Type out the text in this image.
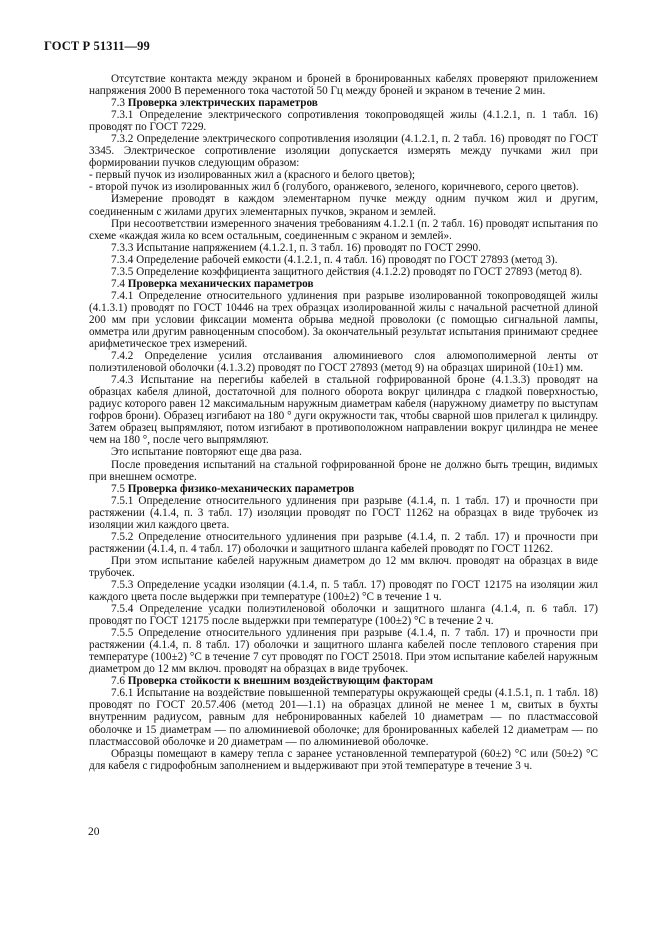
ГОСТ Р 51311—99

Отсутствие контакта между экраном и броней в бронированных кабелях проверяют приложением напряжения 2000 В переменного тока частотой 50 Гц между броней и экраном в течение 2 мин.

7.3 Проверка электрических параметров

7.3.1 Определение электрического сопротивления токопроводящей жилы (4.1.2.1, п. 1 табл. 16) проводят по ГОСТ 7229.

7.3.2 Определение электрического сопротивления изоляции (4.1.2.1, п. 2 табл. 16) проводят по ГОСТ 3345. Электрическое сопротивление изоляции допускается измерять между пучками жил при формировании пучков следующим образом:

- первый пучок из изолированных жил а (красного и белого цветов);

- второй пучок из изолированных жил б (голубого, оранжевого, зеленого, коричневого, серого цветов).

Измерение проводят в каждом элементарном пучке между одним пучком жил и другим, соединенным с жилами других элементарных пучков, экраном и землей.

При несоответствии измеренного значения требованиям 4.1.2.1 (п. 2 табл. 16) проводят испытания по схеме «каждая жила ко всем остальным, соединенным с экраном и землей».

7.3.3 Испытание напряжением (4.1.2.1, п. 3 табл. 16) проводят по ГОСТ 2990.

7.3.4 Определение рабочей емкости (4.1.2.1, п. 4 табл. 16) проводят по ГОСТ 27893 (метод 3).

7.3.5 Определение коэффициента защитного действия (4.1.2.2) проводят по ГОСТ 27893 (метод 8).

7.4 Проверка механических параметров

7.4.1 Определение относительного удлинения при разрыве изолированной токопроводящей жилы (4.1.3.1) проводят по ГОСТ 10446 на трех образцах изолированной жилы с начальной расчетной длиной 200 мм при условии фиксации момента обрыва медной проволоки (с помощью сигнальной лампы, омметра или другим равноценным способом). За окончательный результат испытания принимают среднее арифметическое трех измерений.

7.4.2 Определение усилия отслаивания алюминиевого слоя алюмополимерной ленты от полиэтиленовой оболочки (4.1.3.2) проводят по ГОСТ 27893 (метод 9) на образцах шириной (10±1) мм.

7.4.3 Испытание на перегибы кабелей в стальной гофрированной броне (4.1.3.3) проводят на образцах кабеля длиной, достаточной для полного оборота вокруг цилиндра с гладкой поверхностью, радиус которого равен 12 максимальным наружным диаметрам кабеля (наружному диаметру по выступам гофров брони). Образец изгибают на 180 ° дуги окружности так, чтобы сварной шов прилегал к цилиндру. Затем образец выпрямляют, потом изгибают в противоположном направлении вокруг цилиндра не менее чем на 180 °, после чего выпрямляют.

Это испытание повторяют еще два раза.

После проведения испытаний на стальной гофрированной броне не должно быть трещин, видимых при внешнем осмотре.

7.5 Проверка физико-механических параметров

7.5.1 Определение относительного удлинения при разрыве (4.1.4, п. 1 табл. 17) и прочности при растяжении (4.1.4, п. 3 табл. 17) изоляции проводят по ГОСТ 11262 на образцах в виде трубочек из изоляции жил каждого цвета.

7.5.2 Определение относительного удлинения при разрыве (4.1.4, п. 2 табл. 17) и прочности при растяжении (4.1.4, п. 4 табл. 17) оболочки и защитного шланга кабелей проводят по ГОСТ 11262.

При этом испытание кабелей наружным диаметром до 12 мм включ. проводят на образцах в виде трубочек.

7.5.3 Определение усадки изоляции (4.1.4, п. 5 табл. 17) проводят по ГОСТ 12175 на изоляции жил каждого цвета после выдержки при температуре (100±2) °С в течение 1 ч.

7.5.4 Определение усадки полиэтиленовой оболочки и защитного шланга (4.1.4, п. 6 табл. 17) проводят по ГОСТ 12175 после выдержки при температуре (100±2) °С в течение 2 ч.

7.5.5 Определение относительного удлинения при разрыве (4.1.4, п. 7 табл. 17) и прочности при растяжении (4.1.4, п. 8 табл. 17) оболочки и защитного шланга кабелей после теплового старения при температуре (100±2) °С в течение 7 сут проводят по ГОСТ 25018. При этом испытание кабелей наружным диаметром до 12 мм включ. проводят на образцах в виде трубочек.

7.6 Проверка стойкости к внешним воздействующим факторам

7.6.1 Испытание на воздействие повышенной температуры окружающей среды (4.1.5.1, п. 1 табл. 18) проводят по ГОСТ 20.57.406 (метод 201—1.1) на образцах длиной не менее 1 м, свитых в бухты внутренним радиусом, равным для небронированных кабелей 10 диаметрам — по пластмассовой оболочке и 15 диаметрам — по алюминиевой оболочке; для бронированных кабелей 12 диаметрам — по пластмассовой оболочке и 20 диаметрам — по алюминиевой оболочке.

Образцы помещают в камеру тепла с заранее установленной температурой (60±2) °С или (50±2) °С для кабеля с гидрофобным заполнением и выдерживают при этой температуре в течение 3 ч.

20
